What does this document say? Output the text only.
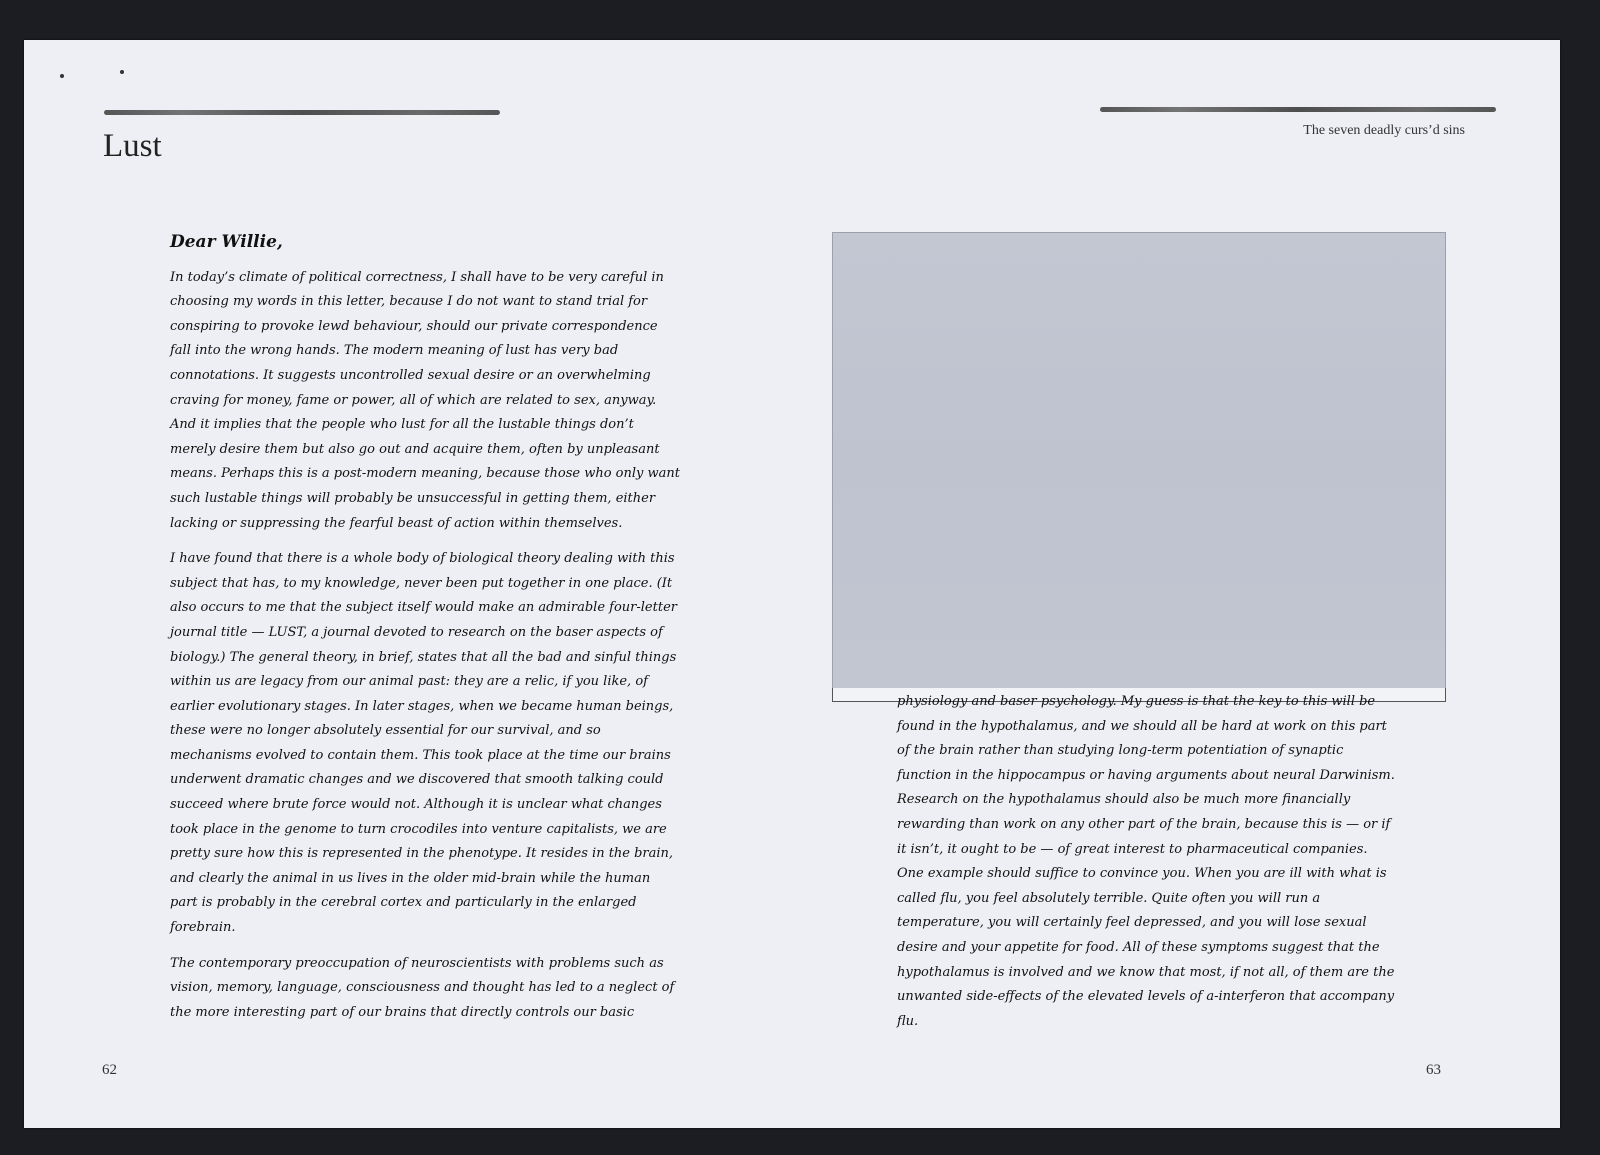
Lust	The seven deadly curs’d sins

Dear Willie,

In today’s climate of political correctness, I shall have to be very careful in choosing my words in this letter, because I do not want to stand trial for conspiring to provoke lewd behaviour, should our private correspondence fall into the wrong hands. The modern meaning of lust has very bad connotations. It suggests uncontrolled sexual desire or an overwhelming craving for money, fame or power, all of which are related to sex, anyway. And it implies that the people who lust for all the lustable things don’t merely desire them but also go out and acquire them, often by unpleasant means. Perhaps this is a post-modern meaning, because those who only want such lustable things will probably be unsuccessful in getting them, either lacking or suppressing the fearful beast of action within themselves.

I have found that there is a whole body of biological theory dealing with this subject that has, to my knowledge, never been put together in one place. (It also occurs to me that the subject itself would make an admirable four-letter journal title — LUST, a journal devoted to research on the baser aspects of biology.) The general theory, in brief, states that all the bad and sinful things within us are legacy from our animal past: they are a relic, if you like, of earlier evolutionary stages. In later stages, when we became human beings, these were no longer absolutely essential for our survival, and so mechanisms evolved to contain them. This took place at the time our brains underwent dramatic changes and we discovered that smooth talking could succeed where brute force would not. Although it is unclear what changes took place in the genome to turn crocodiles into venture capitalists, we are pretty sure how this is represented in the phenotype. It resides in the brain, and clearly the animal in us lives in the older mid-brain while the human part is probably in the cerebral cortex and particularly in the enlarged forebrain.

The contemporary preoccupation of neuroscientists with problems such as vision, memory, language, consciousness and thought has led to a neglect of the more interesting part of our brains that directly controls our basic

physiology and baser psychology. My guess is that the key to this will be found in the hypothalamus, and we should all be hard at work on this part of the brain rather than studying long-term potentiation of synaptic function in the hippocampus or having arguments about neural Darwinism. Research on the hypothalamus should also be much more financially rewarding than work on any other part of the brain, because this is — or if it isn’t, it ought to be — of great interest to pharmaceutical companies. One example should suffice to convince you. When you are ill with what is called flu, you feel absolutely terrible. Quite often you will run a temperature, you will certainly feel depressed, and you will lose sexual desire and your appetite for food. All of these symptoms suggest that the hypothalamus is involved and we know that most, if not all, of them are the unwanted side-effects of the elevated levels of a-interferon that accompany flu.

62	63
